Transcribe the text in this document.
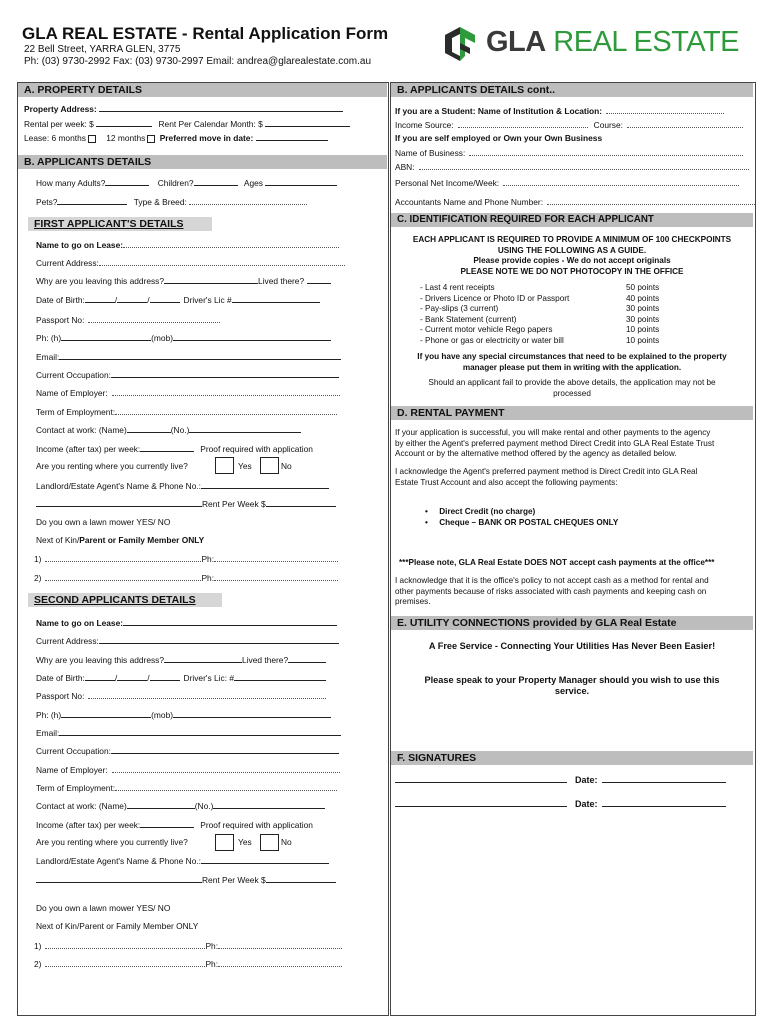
GLA REAL ESTATE - Rental Application Form
22 Bell Street, YARRA GLEN, 3775
Ph: (03) 9730-2992 Fax: (03) 9730-2997 Email: andrea@glarealestate.com.au
GLA REAL ESTATE
A. PROPERTY DETAILS
Property Address:
Rental per week: $	Rent Per Calendar Month: $
Lease: 6 months 12 months Preferred move in date:
B. APPLICANTS DETAILS
How many Adults?	Children?	Ages
Pets?	Type & Breed:
FIRST APPLICANT'S DETAILS
Name to go on Lease:
Current Address:
Why are you leaving this address?	Lived there?
Date of Birth:	/	/	Driver's Lic #
Passport No:
Ph: (h)	(mob)
Email:
Current Occupation:
Name of Employer:
Term of Employment:
Contact at work: (Name)	(No.)
Income (after tax) per week:	Proof required with application
Are you renting where you currently live?	Yes	No
Landlord/Estate Agent's Name & Phone No.:
Rent Per Week $
Do you own a lawn mower YES/ NO
Next of Kin/Parent or Family Member ONLY
1)	Ph:
2)	Ph:
SECOND APPLICANTS DETAILS
Name to go on Lease:
Current Address:
Why are you leaving this address?	Lived there?
Date of Birth:	/	/	Driver's Lic: #
Passport No:
Ph: (h)	(mob)
Email:
Current Occupation:
Name of Employer:
Term of Employment:
Contact at work: (Name)	(No.)
Income (after tax) per week:	Proof required with application
Are you renting where you currently live?	Yes	No
Landlord/Estate Agent's Name & Phone No.:
Rent Per Week $
Do you own a lawn mower YES/ NO
Next of Kin/Parent or Family Member ONLY
1)	Ph:
2)	Ph:
B. APPLICANTS DETAILS cont..
If you are a Student: Name of Institution & Location:
Income Source:	Course:
If you are self employed or Own your Own Business
Name of Business:
ABN:
Personal Net Income/Week:
Accountants Name and Phone Number:
C. IDENTIFICATION REQUIRED FOR EACH APPLICANT
EACH APPLICANT IS REQUIRED TO PROVIDE A MINIMUM OF 100 CHECKPOINTS
USING THE FOLLOWING AS A GUIDE.
Please provide copies - We do not accept originals
PLEASE NOTE WE DO NOT PHOTOCOPY IN THE OFFICE
- Last 4 rent receipts	50 points
- Drivers Licence or Photo ID or Passport	40 points
- Pay-slips (3 current)	30 points
- Bank Statement (current)	30 points
- Current motor vehicle Rego papers	10 points
- Phone or gas or electricity or water bill	10 points
If you have any special circumstances that need to be explained to the property
manager please put them in writing with the application.
Should an applicant fail to provide the above details, the application may not be
processed
D. RENTAL PAYMENT
If your application is successful, you will make rental and other payments to the agency
by either the Agent's preferred payment method Direct Credit into GLA Real Estate Trust
Account or by the alternative method offered by the agency as detailed below.
I acknowledge the Agent's preferred payment method is Direct Credit into GLA Real
Estate Trust Account and also accept the following payments:
•     Direct Credit (no charge)
•     Cheque – BANK OR POSTAL CHEQUES ONLY
***Please note, GLA Real Estate DOES NOT accept cash payments at the office***
I acknowledge that it is the office's policy to not accept cash as a method for rental and
other payments because of risks associated with cash payments and keeping cash on
premises.
E. UTILITY CONNECTIONS provided by GLA Real Estate
A Free Service - Connecting Your Utilities Has Never Been Easier!
Please speak to your Property Manager should you wish to use this
service.
F. SIGNATURES
Date:
Date:
